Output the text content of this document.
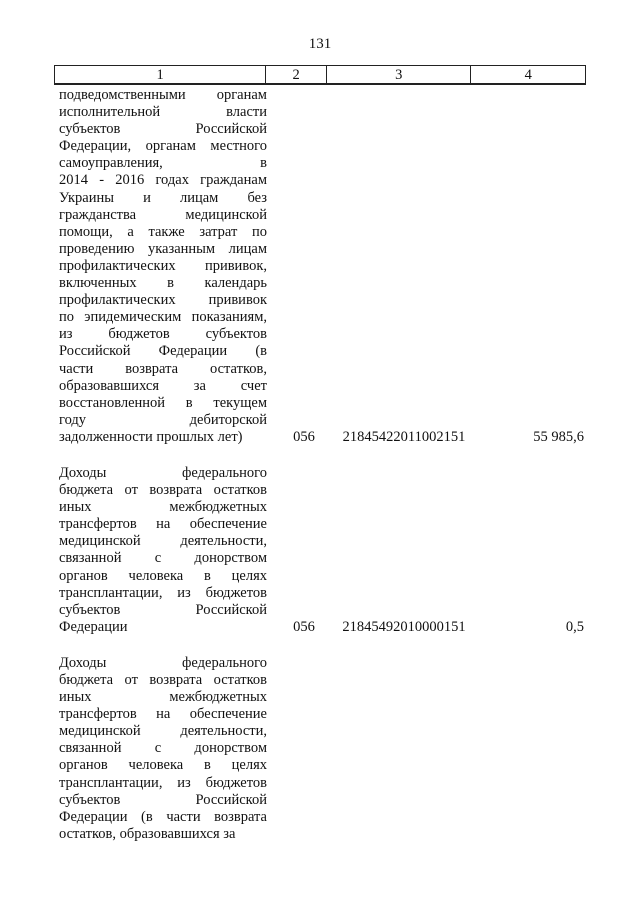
131
1	2	3	4
подведомственными органам
исполнительной власти
субъектов Российской
Федерации, органам местного
самоуправления, в
2014 - 2016 годах гражданам
Украины и лицам без
гражданства медицинской
помощи, а также затрат по
проведению указанным лицам
профилактических прививок,
включенных в календарь
профилактических прививок
по эпидемическим показаниям,
из бюджетов субъектов
Российской Федерации (в
части возврата остатков,
образовавшихся за счет
восстановленной в текущем
году дебиторской
задолженности прошлых лет)	056	21845422011002151	55 985,6
Доходы федерального
бюджета от возврата остатков
иных межбюджетных
трансфертов на обеспечение
медицинской деятельности,
связанной с донорством
органов человека в целях
трансплантации, из бюджетов
субъектов Российской
Федерации	056	21845492010000151	0,5
Доходы федерального
бюджета от возврата остатков
иных межбюджетных
трансфертов на обеспечение
медицинской деятельности,
связанной с донорством
органов человека в целях
трансплантации, из бюджетов
субъектов Российской
Федерации (в части возврата
остатков, образовавшихся за
